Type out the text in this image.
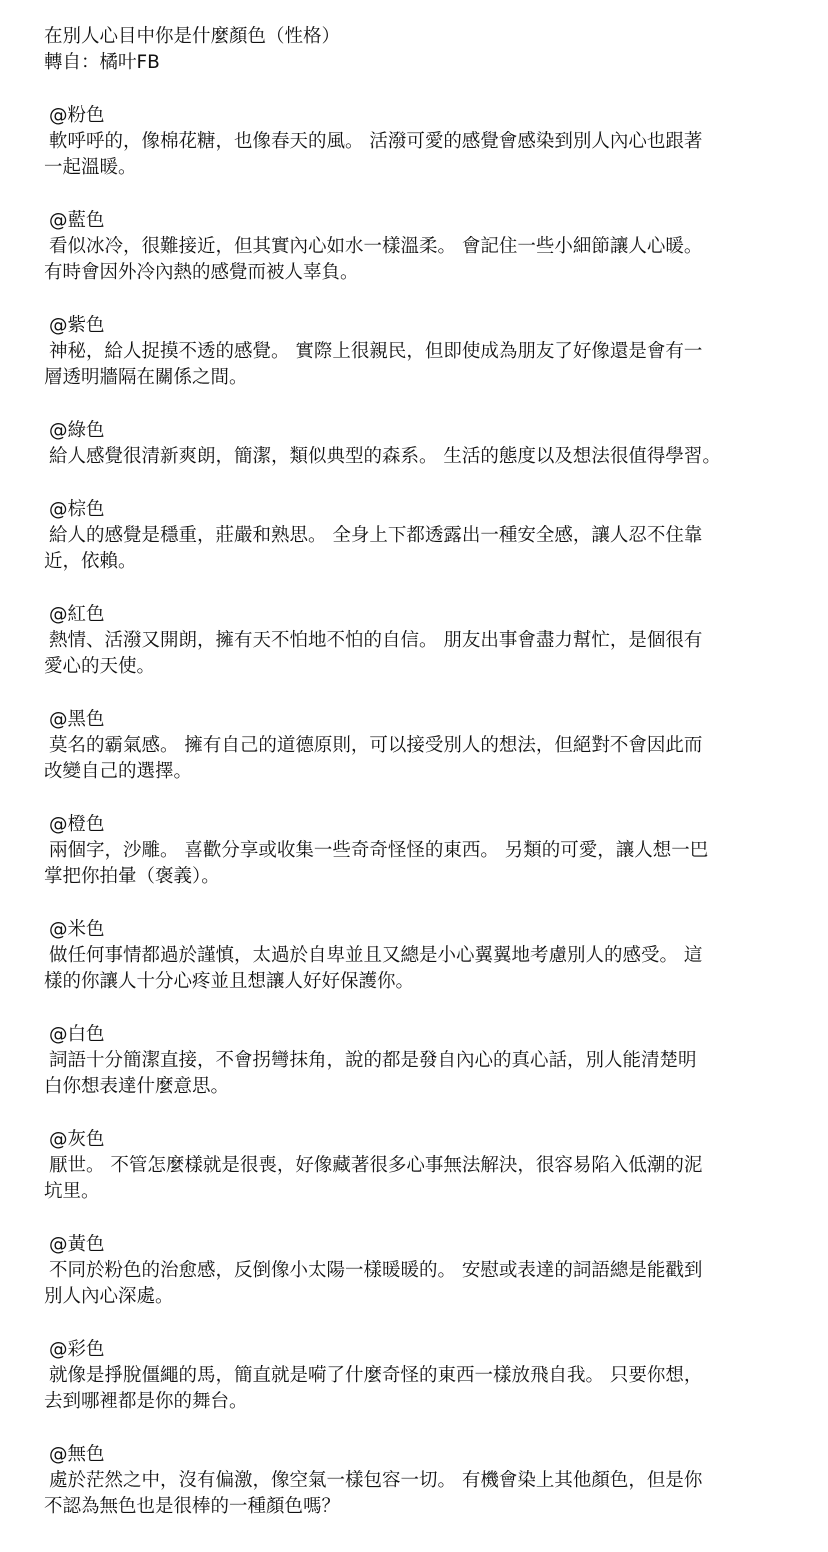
在別人心目中你是什麼顏色（性格）

轉自：橘叶FB

@粉色

軟呼呼的，像棉花糖，也像春天的風。 活潑可愛的感覺會感染到別人內心也跟著

一起溫暖。

@藍色

看似冰冷，很難接近，但其實內心如水一樣溫柔。 會記住一些小細節讓人心暖。

有時會因外冷內熱的感覺而被人辜負。

@紫色

神秘，給人捉摸不透的感覺。 實際上很親民，但即使成為朋友了好像還是會有一

層透明牆隔在關係之間。

@綠色

給人感覺很清新爽朗，簡潔，類似典型的森系。 生活的態度以及想法很值得學習。

@棕色

給人的感覺是穩重，莊嚴和熟思。 全身上下都透露出一種安全感，讓人忍不住靠

近，依賴。

@紅色

熱情、活潑又開朗，擁有天不怕地不怕的自信。 朋友出事會盡力幫忙，是個很有

愛心的天使。

@黑色

莫名的霸氣感。 擁有自己的道德原則，可以接受別人的想法，但絕對不會因此而

改變自己的選擇。

@橙色

兩個字，沙雕。 喜歡分享或收集一些奇奇怪怪的東西。 另類的可愛，讓人想一巴

掌把你拍暈（褒義）。

@米色

做任何事情都過於謹慎，太過於自卑並且又總是小心翼翼地考慮別人的感受。 這

樣的你讓人十分心疼並且想讓人好好保護你。

@白色

詞語十分簡潔直接，不會拐彎抹角，說的都是發自內心的真心話，別人能清楚明

白你想表達什麼意思。

@灰色

厭世。 不管怎麼樣就是很喪，好像藏著很多心事無法解決，很容易陷入低潮的泥

坑里。

@黃色

不同於粉色的治愈感，反倒像小太陽一樣暖暖的。 安慰或表達的詞語總是能戳到

別人內心深處。

@彩色

就像是掙脫僵繩的馬，簡直就是嗬了什麼奇怪的東西一樣放飛自我。 只要你想，

去到哪裡都是你的舞台。

@無色

處於茫然之中，沒有偏激，像空氣一樣包容一切。 有機會染上其他顏色，但是你

不認為無色也是很棒的一種顏色嗎？
